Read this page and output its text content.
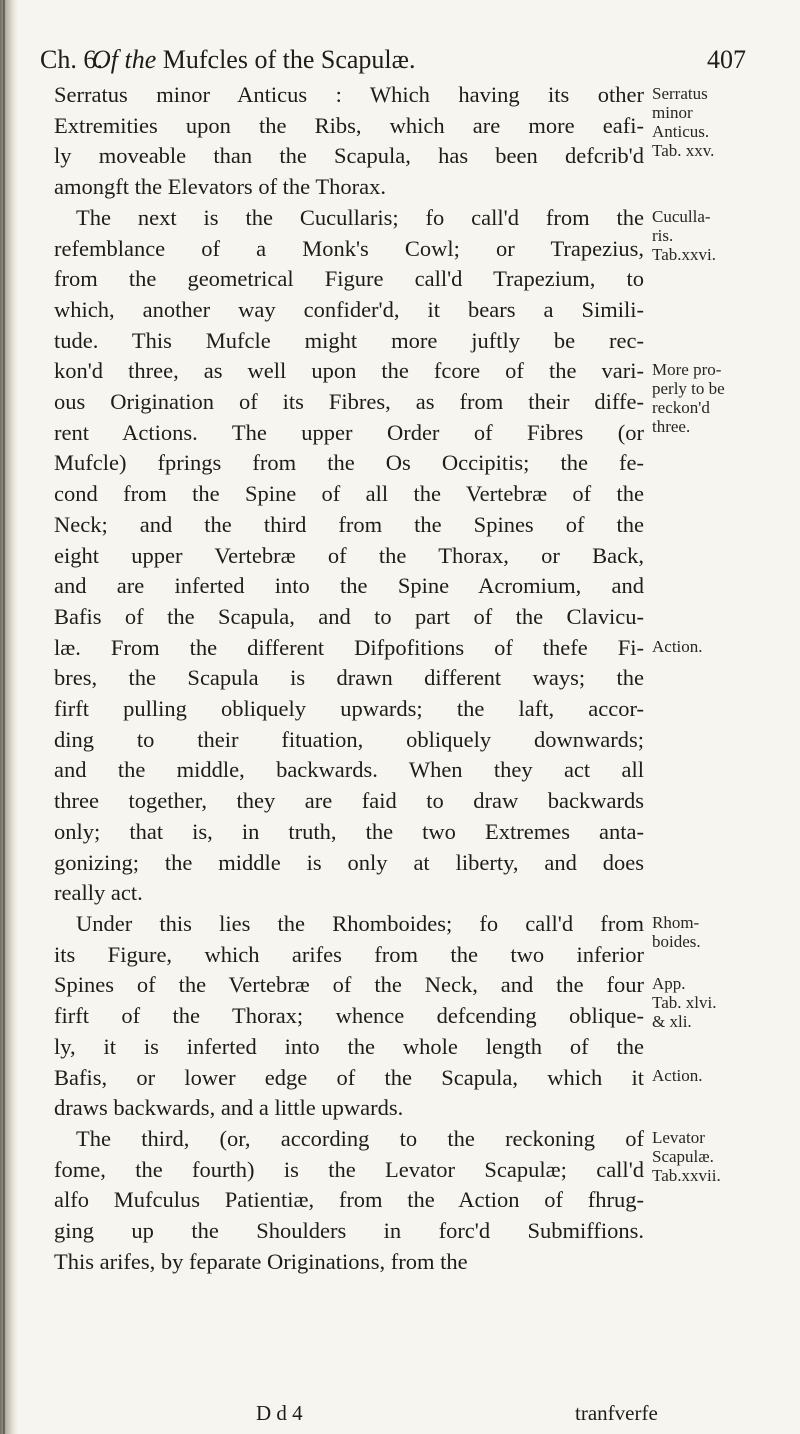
Ch. 6.
Of the Mufcles of the Scapulæ.	407
Serratus minor Anticus : Which having its other
Extremities upon the Ribs, which are more eafi-
ly moveable than the Scapula, has been defcrib'd
amongft the Elevators of the Thorax.
The next is the Cucullaris; fo call'd from the
refemblance of a Monk's Cowl; or Trapezius,
from the geometrical Figure call'd Trapezium, to
which, another way confider'd, it bears a Simili-
tude. This Mufcle might more juftly be rec-
kon'd three, as well upon the fcore of the vari-
ous Origination of its Fibres, as from their diffe-
rent Actions. The upper Order of Fibres (or
Mufcle) fprings from the Os Occipitis; the fe-
cond from the Spine of all the Vertebræ of the
Neck; and the third from the Spines of the
eight upper Vertebræ of the Thorax, or Back,
and are inferted into the Spine Acromium, and
Bafis of the Scapula, and to part of the Clavicu-
læ. From the different Difpofitions of thefe Fi-
bres, the Scapula is drawn different ways; the
firft pulling obliquely upwards; the laft, accor-
ding to their fituation, obliquely downwards;
and the middle, backwards. When they act all
three together, they are faid to draw backwards
only; that is, in truth, the two Extremes anta-
gonizing; the middle is only at liberty, and does
really act.
Under this lies the Rhomboides; fo call'd from
its Figure, which arifes from the two inferior
Spines of the Vertebræ of the Neck, and the four
firft of the Thorax; whence defcending oblique-
ly, it is inferted into the whole length of the
Bafis, or lower edge of the Scapula, which it
draws backwards, and a little upwards.
The third, (or, according to the reckoning of
fome, the fourth) is the Levator Scapulæ; call'd
alfo Mufculus Patientiæ, from the Action of fhrug-
ging up the Shoulders in forc'd Submiffions.
This arifes, by feparate Originations, from the
Serratus
minor
Anticus.
Tab. xxv.
Cuculla-
ris.
Tab.xxvi.
More pro-
perly to be
reckon'd
three.
Action.
Rhom-
boides.
App.
Tab. xlvi.
& xli.
Action.
Levator
Scapulæ.
Tab.xxvii.
D d 4	tranfverfe
